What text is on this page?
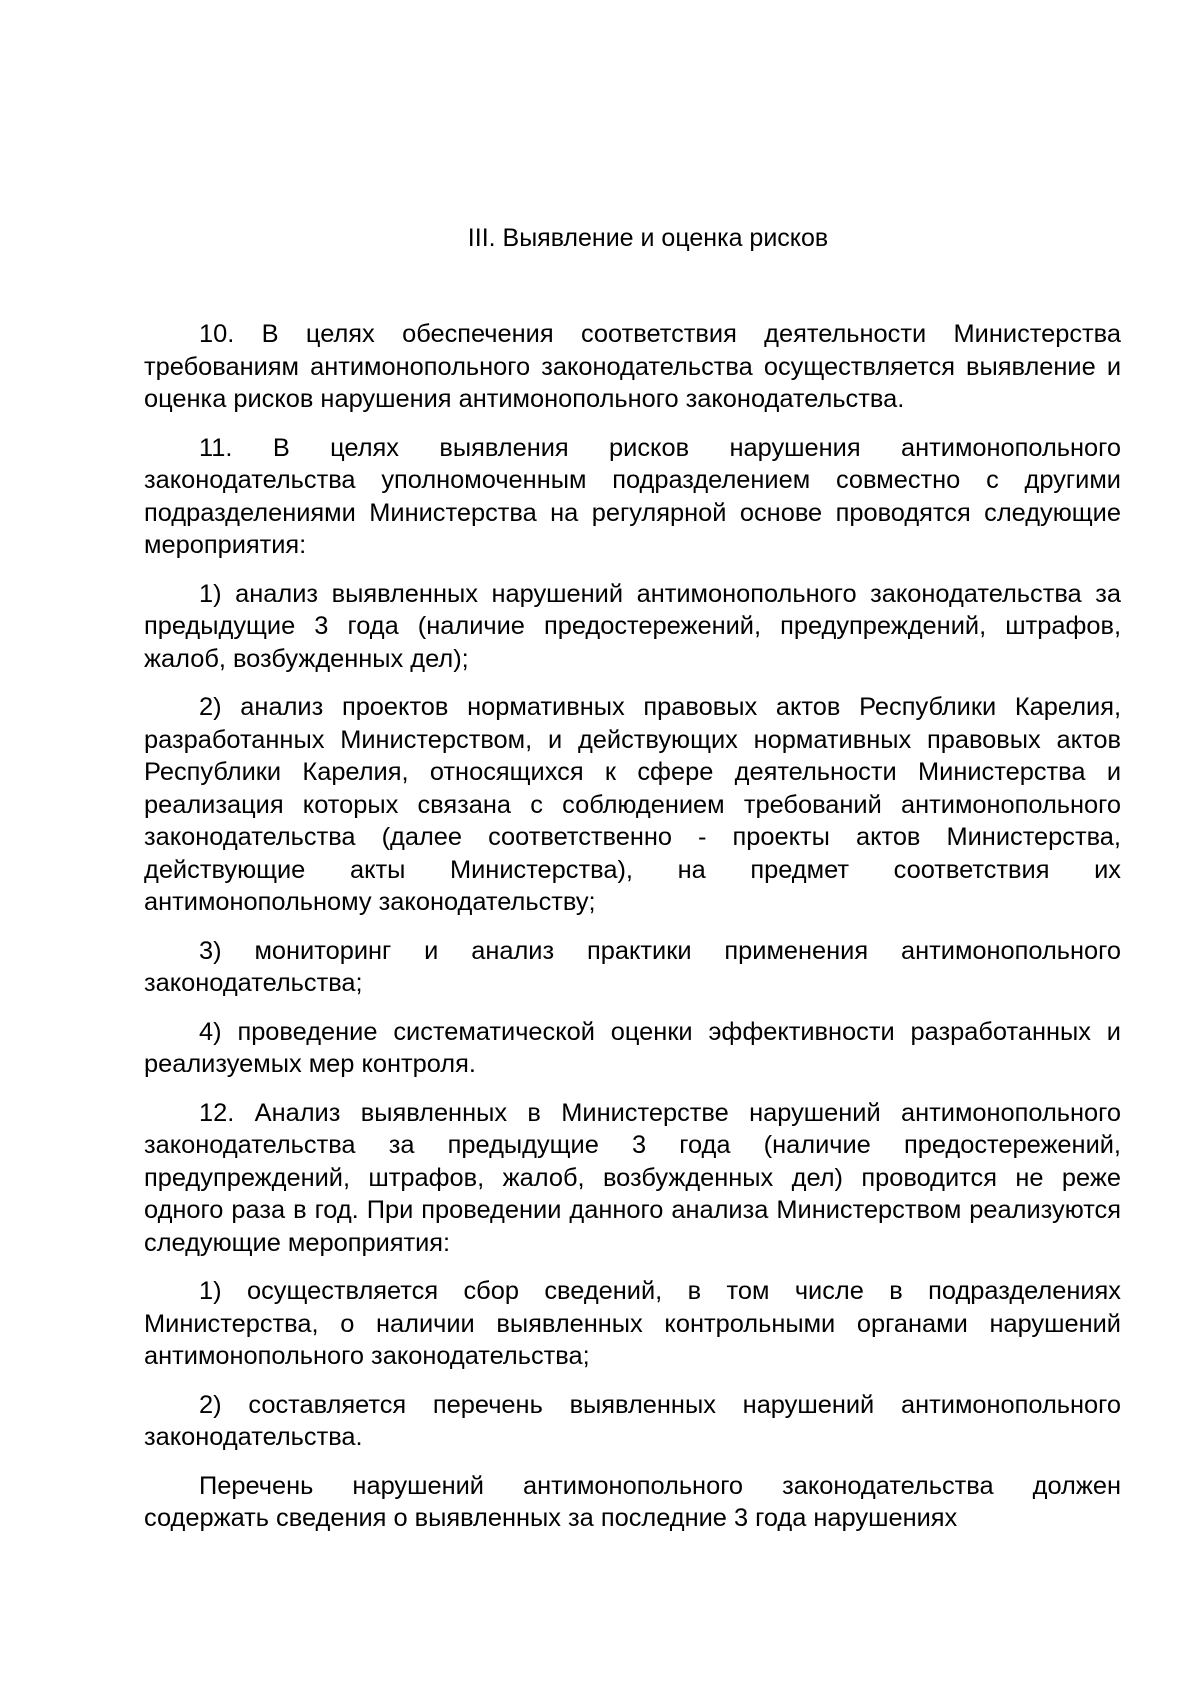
III. Выявление и оценка рисков

10. В целях обеспечения соответствия деятельности Министерства требованиям антимонопольного законодательства осуществляется выявление и оценка рисков нарушения антимонопольного законодательства.

11. В целях выявления рисков нарушения антимонопольного законодательства уполномоченным подразделением совместно с другими подразделениями Министерства на регулярной основе проводятся следующие мероприятия:

1) анализ выявленных нарушений антимонопольного законодательства за предыдущие 3 года (наличие предостережений, предупреждений, штрафов, жалоб, возбужденных дел);

2) анализ проектов нормативных правовых актов Республики Карелия, разработанных Министерством, и действующих нормативных правовых актов Республики Карелия, относящихся к сфере деятельности Министерства и реализация которых связана с соблюдением требований антимонопольного законодательства (далее соответственно - проекты актов Министерства, действующие акты Министерства), на предмет соответствия их антимонопольному законодательству;

3) мониторинг и анализ практики применения антимонопольного законодательства;

4) проведение систематической оценки эффективности разработанных и реализуемых мер контроля.

12. Анализ выявленных в Министерстве нарушений антимонопольного законодательства за предыдущие 3 года (наличие предостережений, предупреждений, штрафов, жалоб, возбужденных дел) проводится не реже одного раза в год. При проведении данного анализа Министерством реализуются следующие мероприятия:

1) осуществляется сбор сведений, в том числе в подразделениях Министерства, о наличии выявленных контрольными органами нарушений антимонопольного законодательства;

2) составляется перечень выявленных нарушений антимонопольного законодательства.

Перечень нарушений антимонопольного законодательства должен содержать сведения о выявленных за последние 3 года нарушениях
